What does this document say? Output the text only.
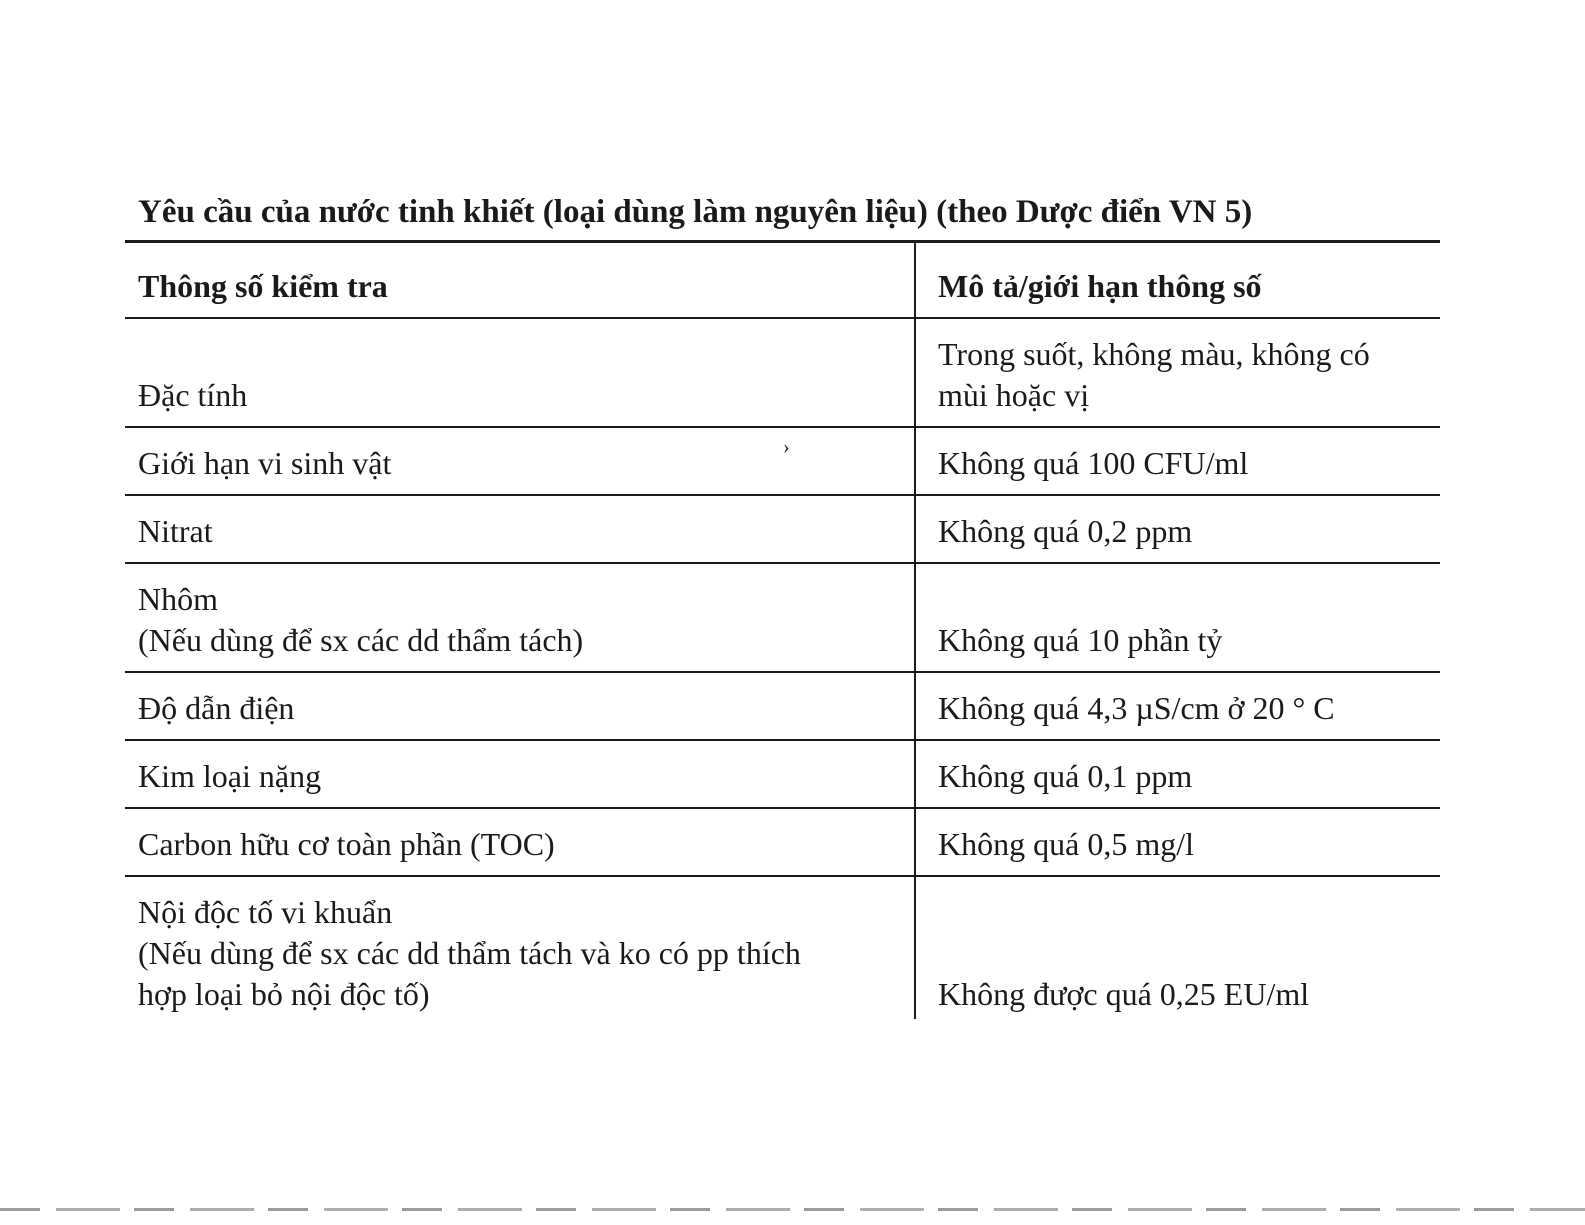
Yêu cầu của nước tinh khiết (loại dùng làm nguyên liệu) (theo Dược điển VN 5)
Thông số kiểm tra	Mô tả/giới hạn thông số

Đặc tính	Trong suốt, không màu, không có
mùi hoặc vị

Giới hạn vi sinh vật	Không quá 100 CFU/ml

Nitrat	Không quá 0,2 ppm

Nhôm
(Nếu dùng để sx các dd thẩm tách)	Không quá 10 phần tỷ

Độ dẫn điện	Không quá 4,3 µS/cm ở 20 ° C

Kim loại nặng	Không quá 0,1 ppm

Carbon hữu cơ toàn phần (TOC)	Không quá 0,5 mg/l

Nội độc tố vi khuẩn
(Nếu dùng để sx các dd thẩm tách và ko có pp thích
hợp loại bỏ nội độc tố)	Không được quá 0,25 EU/ml
›
